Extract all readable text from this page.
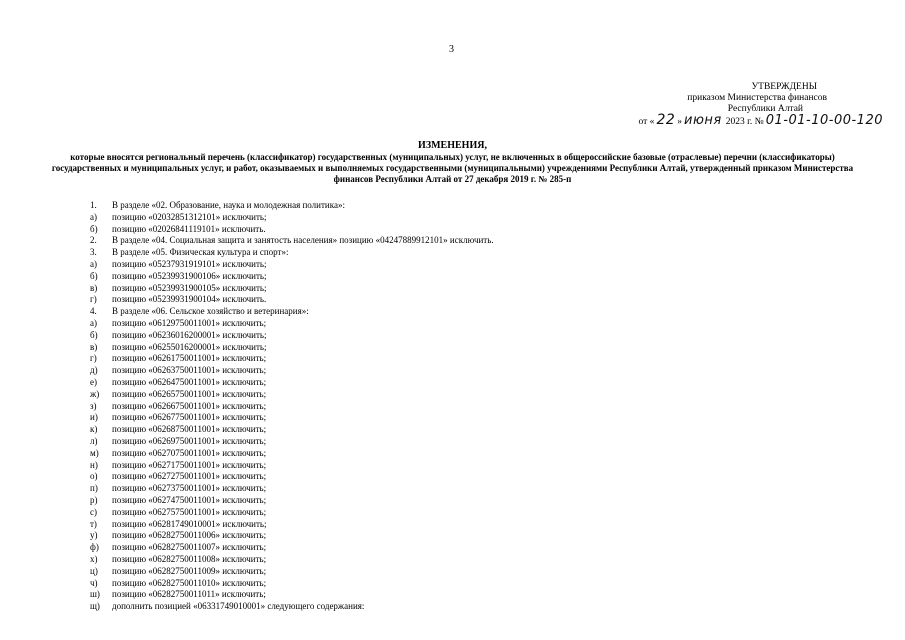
3
УТВЕРЖДЕНЫ
приказом Министерства финансов
Республики Алтай
от « 22 » июня 2023 г. № 01-01-10-00-120
ИЗМЕНЕНИЯ,
которые вносятся региональный перечень (классификатор) государственных (муниципальных) услуг, не включенных в общероссийские базовые (отраслевые) перечни (классификаторы) государственных и муниципальных услуг, и работ, оказываемых и выполняемых государственными (муниципальными) учреждениями Республики Алтай, утвержденный приказом Министерства финансов Республики Алтай от 27 декабря 2019 г. № 285-п
1.	В разделе «02. Образование, наука и молодежная политика»:
а)	позицию «02032851312101» исключить;
б)	позицию «02026841119101» исключить.
2.	В разделе «04. Социальная защита и занятость населения» позицию «04247889912101» исключить.
3.	В разделе «05. Физическая культура и спорт»:
а)	позицию «05237931919101» исключить;
б)	позицию «05239931900106» исключить;
в)	позицию «05239931900105» исключить;
г)	позицию «05239931900104» исключить.
4.	В разделе «06. Сельское хозяйство и ветеринария»:
а)	позицию «06129750011001» исключить;
б)	позицию «06236016200001» исключить;
в)	позицию «06255016200001» исключить;
г)	позицию «06261750011001» исключить;
д)	позицию «06263750011001» исключить;
е)	позицию «06264750011001» исключить;
ж)	позицию «06265750011001» исключить;
з)	позицию «06266750011001» исключить;
и)	позицию «06267750011001» исключить;
к)	позицию «06268750011001» исключить;
л)	позицию «06269750011001» исключить;
м)	позицию «06270750011001» исключить;
н)	позицию «06271750011001» исключить;
о)	позицию «06272750011001» исключить;
п)	позицию «06273750011001» исключить;
р)	позицию «06274750011001» исключить;
с)	позицию «06275750011001» исключить;
т)	позицию «06281749010001» исключить;
у)	позицию «06282750011006» исключить;
ф)	позицию «06282750011007» исключить;
х)	позицию «06282750011008» исключить;
ц)	позицию «06282750011009» исключить;
ч)	позицию «06282750011010» исключить;
ш)	позицию «06282750011011» исключить;
щ)	дополнить позицией «06331749010001» следующего содержания:
